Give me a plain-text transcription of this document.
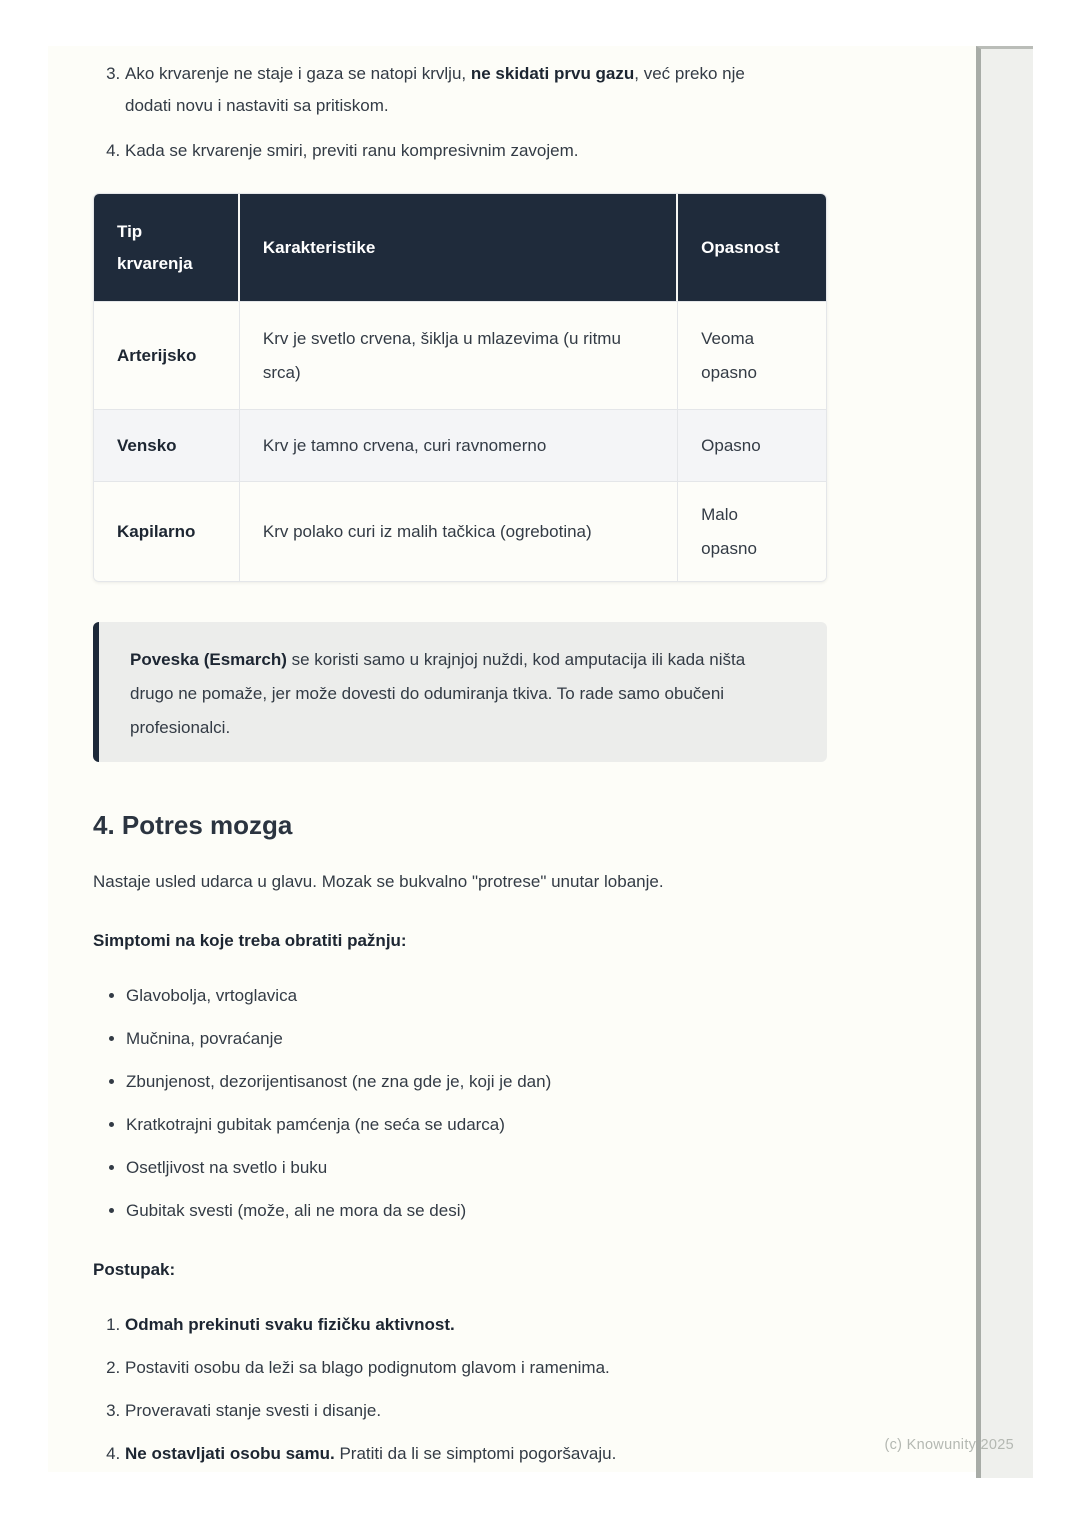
3. Ako krvarenje ne staje i gaza se natopi krvlju, ne skidati prvu gazu, već preko nje dodati novu i nastaviti sa pritiskom.
4. Kada se krvarenje smiri, previti ranu kompresivnim zavojem.
Tip krvarenja	Karakteristike	Opasnost
Arterijsko	Krv je svetlo crvena, šiklja u mlazevima (u ritmu srca)	Veoma opasno
Vensko	Krv je tamno crvena, curi ravnomerno	Opasno
Kapilarno	Krv polako curi iz malih tačkica (ogrebotina)	Malo opasno
Poveska (Esmarch) se koristi samo u krajnjoj nuždi, kod amputacija ili kada ništa drugo ne pomaže, jer može dovesti do odumiranja tkiva. To rade samo obučeni profesionalci.
4. Potres mozga

Nastaje usled udarca u glavu. Mozak se bukvalno "protrese" unutar lobanje.

Simptomi na koje treba obratiti pažnju:
• Glavobolja, vrtoglavica
• Mučnina, povraćanje
• Zbunjenost, dezorijentisanost (ne zna gde je, koji je dan)
• Kratkotrajni gubitak pamćenja (ne seća se udarca)
• Osetljivost na svetlo i buku
• Gubitak svesti (može, ali ne mora da se desi)
Postupak:
1. Odmah prekinuti svaku fizičku aktivnost.
2. Postaviti osobu da leži sa blago podignutom glavom i ramenima.
3. Proveravati stanje svesti i disanje.
4. Ne ostavljati osobu samu. Pratiti da li se simptomi pogoršavaju.	(c) Knowunity 2025
